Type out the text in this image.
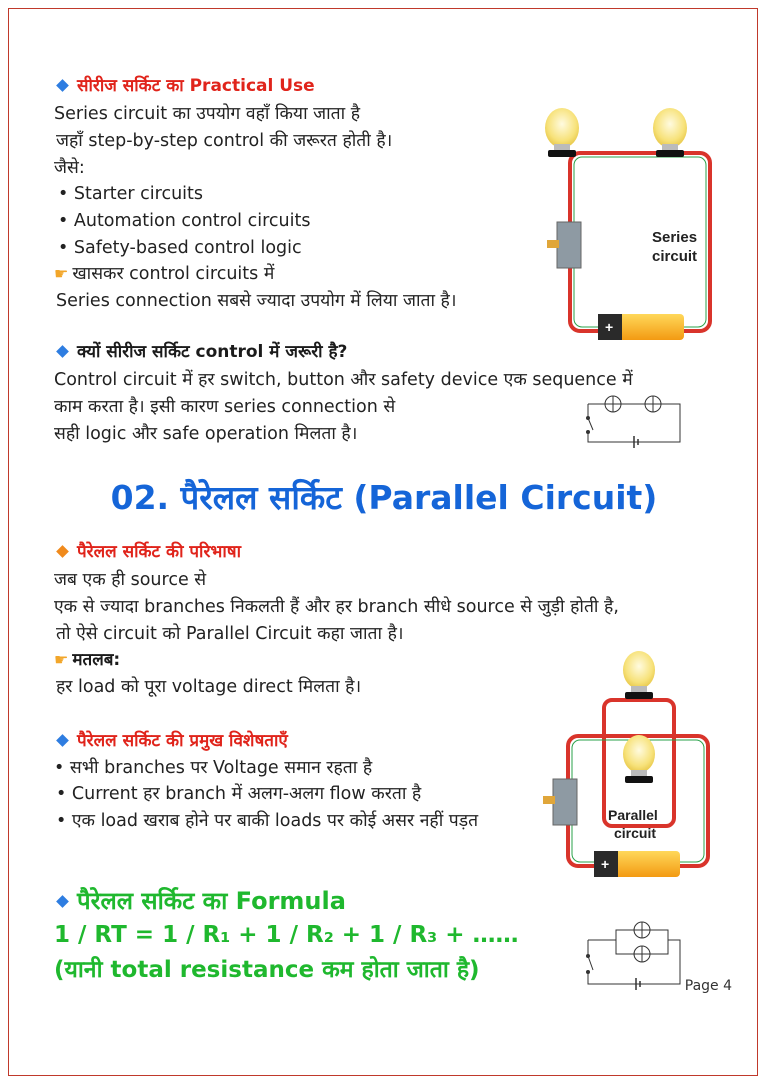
सीरीज सर्किट का Practical Use
Series circuit का उपयोग वहाँ किया जाता है
जहाँ step-by-step control की जरूरत होती है।
जैसे:
• Starter circuits
• Automation control circuits
• Safety-based control logic
☛ खासकर control circuits में
Series connection सबसे ज्यादा उपयोग में लिया जाता है।
+
Series
circuit
क्यों सीरीज सर्किट control में जरूरी है?
Control circuit में हर switch, button और safety device एक sequence में
काम करता है। इसी कारण series connection से
सही logic और safe operation मिलता है।
02. पैरेलल सर्किट (Parallel Circuit)
पैरेलल सर्किट की परिभाषा
जब एक ही source से
एक से ज्यादा branches निकलती हैं और हर branch सीधे source से जुड़ी होती है,
तो ऐसे circuit को Parallel Circuit कहा जाता है।
☛ मतलब:
हर load को पूरा voltage direct मिलता है।
पैरेलल सर्किट की प्रमुख विशेषताएँ
• सभी branches पर Voltage समान रहता है
• Current हर branch में अलग-अलग flow करता है
• एक load खराब होने पर बाकी loads पर कोई असर नहीं पड़त
+
Parallel
circuit
पैरेलल सर्किट का Formula
1 / RT = 1 / R₁ + 1 / R₂ + 1 / R₃ + ……
(यानी total resistance कम होता जाता है)
Page 4
